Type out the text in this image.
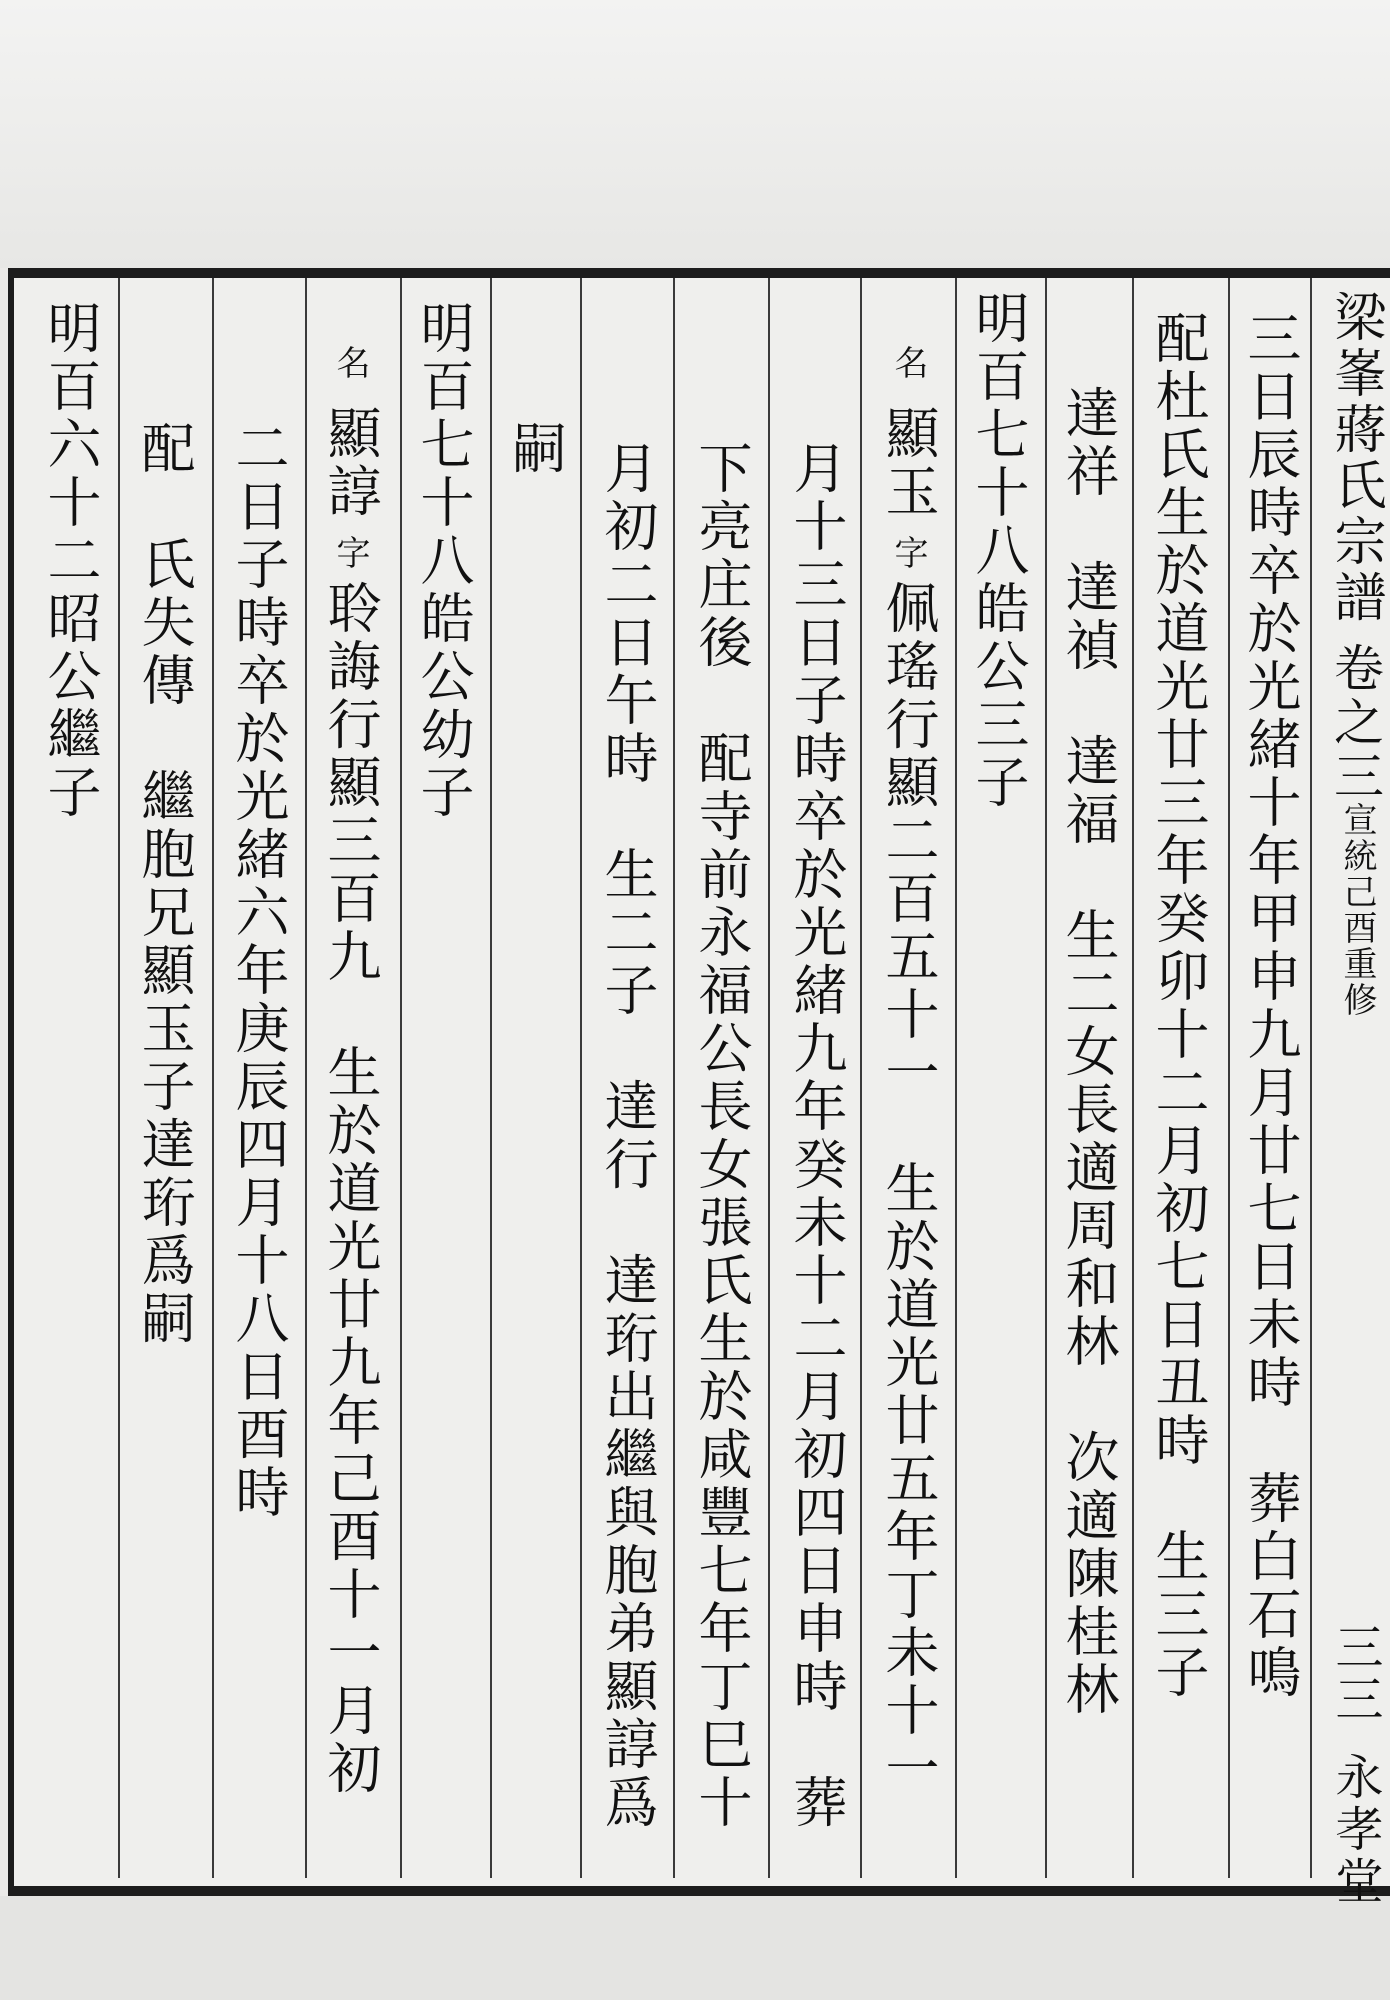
梁峯蔣氏宗譜
卷之三
宣統己酉重修
三三
永孝堂
三日辰時卒於光緒十年甲申九月廿七日未時　葬白石鳴
配杜氏生於道光廿三年癸卯十二月初七日丑時　生三子
達祥　達禎　達福　生二女長適周和林　次適陳桂林
明百七十八皓公三子
名
顯玉
字
佩瑤行顯二百五十一　生於道光廿五年丁未十一
月十三日子時卒於光緒九年癸未十二月初四日申時　葬
下亮庄後　配寺前永福公長女張氏生於咸豐七年丁巳十
月初二日午時　生二子　達行　達珩出繼與胞弟顯諄爲
嗣
明百七十八皓公幼子
名
顯諄
字
聆誨行顯三百九　生於道光廿九年己酉十一月初
二日子時卒於光緒六年庚辰四月十八日酉時
配　氏失傳　繼胞兄顯玉子達珩爲嗣
明百六十二昭公繼子
